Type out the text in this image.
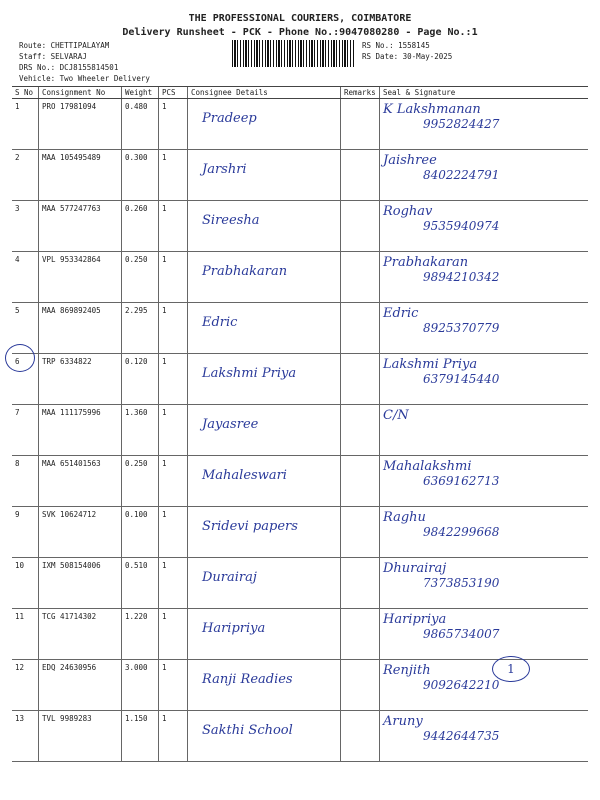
THE PROFESSIONAL COURIERS, COIMBATORE
Delivery Runsheet - PCK - Phone No.:9047080280 - Page No.:1
Route: CHETTIPALAYAM
Staff: SELVARAJ
DRS No.: DCJ8155814501
Vehicle: Two Wheeler Delivery
RS No.: 1558145
RS Date: 30-May-2025
S No	Consignment No	Weight	PCS	Consignee Details	Remarks	Seal & Signature
1	PRO 17981094	0.480	1	Pradeep		K Lakshmanan
9952824427

2	MAA 105495489	0.300	1	Jarshri		Jaishree
8402224791

3	MAA 577247763	0.260	1	Sireesha		Roghav
9535940974

4	VPL 953342864	0.250	1	Prabhakaran		Prabhakaran
9894210342

5	MAA 869892405	2.295	1	Edric		Edric
8925370779

6	TRP 6334822	0.120	1	Lakshmi Priya		Lakshmi Priya
6379145440

7	MAA 111175996	1.360	1	Jayasree		C/N

8	MAA 651401563	0.250	1	Mahaleswari		Mahalakshmi
6369162713

9	SVK 10624712	0.100	1	Sridevi papers		Raghu
9842299668

10	IXM 508154006	0.510	1	Durairaj		Dhurairaj
7373853190

11	TCG 41714302	1.220	1	Haripriya		Haripriya
9865734007

12	EDQ 24630956	3.000	1	Ranji Readies		Renjith
9092642210

13	TVL 9989283	1.150	1	Sakthi School		Aruny
9442644735
1
